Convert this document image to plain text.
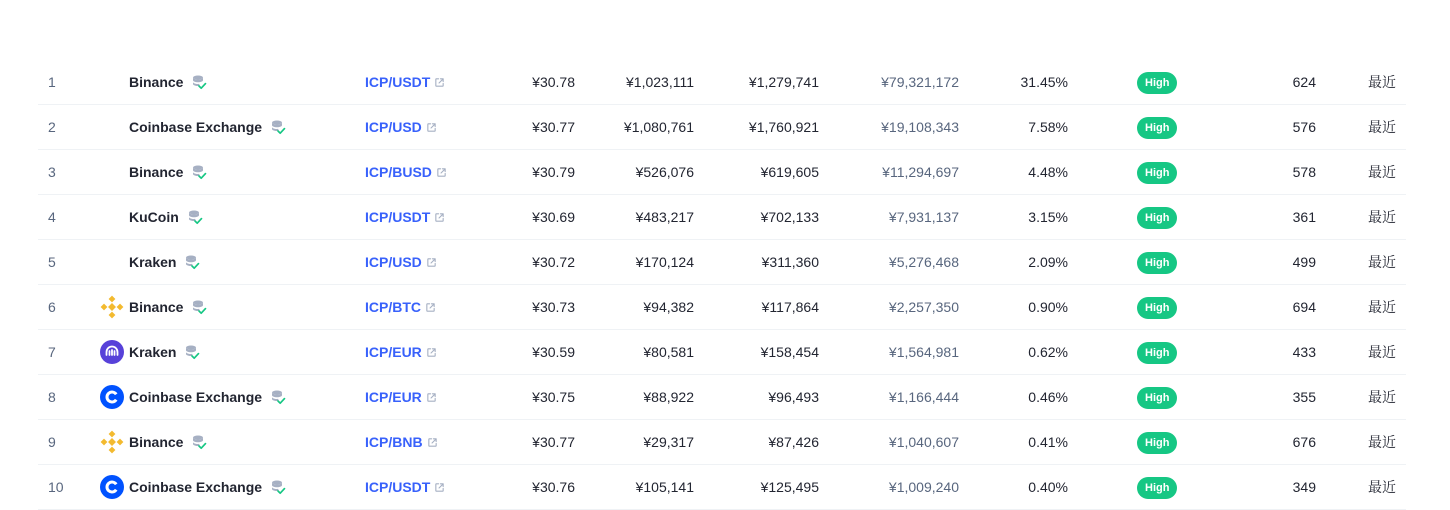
1	Binance	ICP/USDT	¥30.78	¥1,023,111	¥1,279,741	¥79,321,172	31.45%	High	624	最近
2	Coinbase Exchange	ICP/USD	¥30.77	¥1,080,761	¥1,760,921	¥19,108,343	7.58%	High	576	最近
3	Binance	ICP/BUSD	¥30.79	¥526,076	¥619,605	¥11,294,697	4.48%	High	578	最近
4	KuCoin	ICP/USDT	¥30.69	¥483,217	¥702,133	¥7,931,137	3.15%	High	361	最近
5	Kraken	ICP/USD	¥30.72	¥170,124	¥311,360	¥5,276,468	2.09%	High	499	最近
6	Binance	ICP/BTC	¥30.73	¥94,382	¥117,864	¥2,257,350	0.90%	High	694	最近
7	Kraken	ICP/EUR	¥30.59	¥80,581	¥158,454	¥1,564,981	0.62%	High	433	最近
8	Coinbase Exchange	ICP/EUR	¥30.75	¥88,922	¥96,493	¥1,166,444	0.46%	High	355	最近
9	Binance	ICP/BNB	¥30.77	¥29,317	¥87,426	¥1,040,607	0.41%	High	676	最近
10	Coinbase Exchange	ICP/USDT	¥30.76	¥105,141	¥125,495	¥1,009,240	0.40%	High	349	最近
